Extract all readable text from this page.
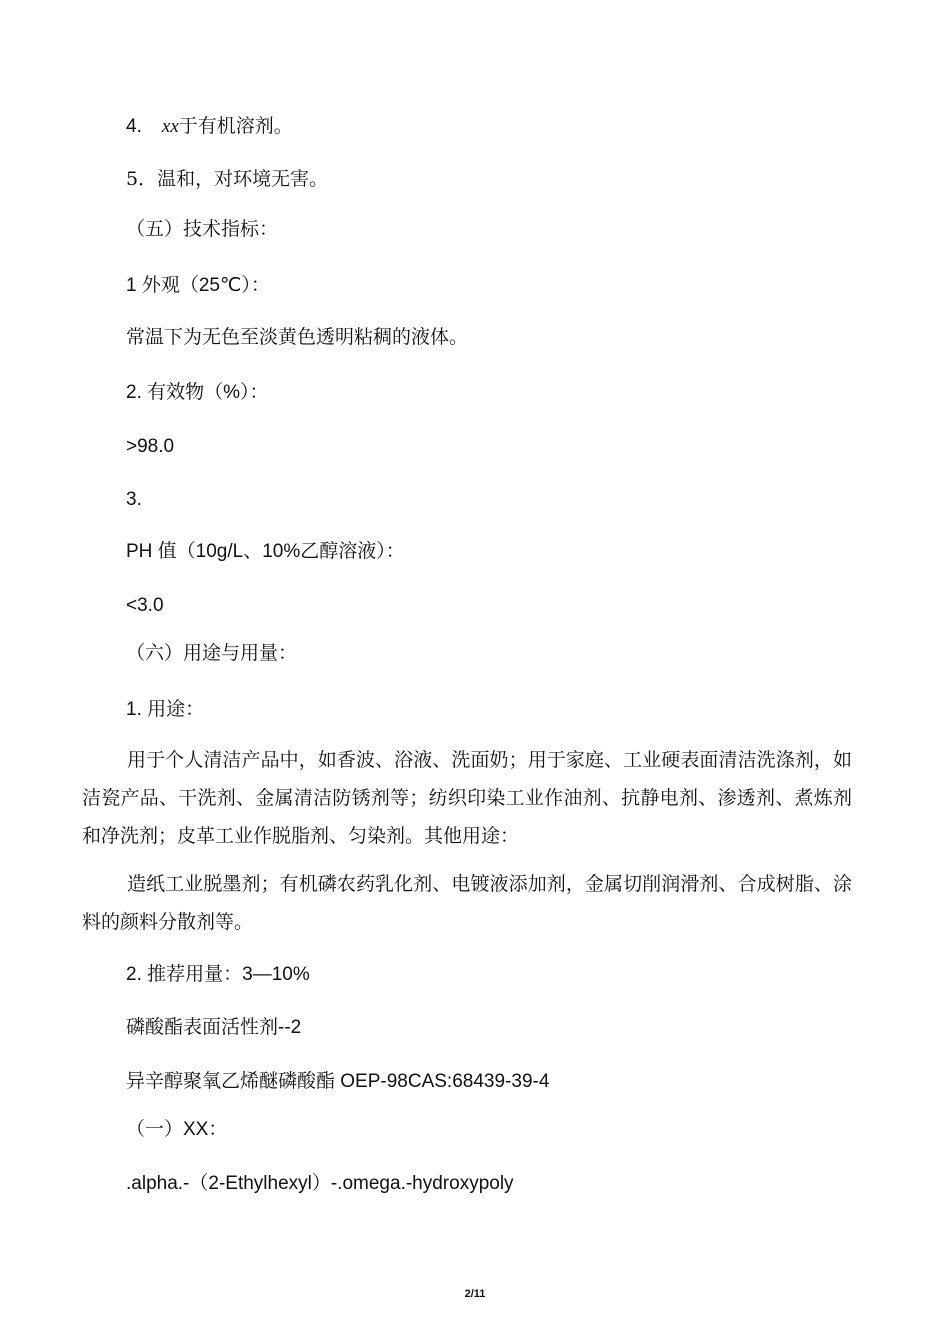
4. xx于有机溶剂。
5．温和，对环境无害。
（五）技术指标：
1 外观（25℃）：
常温下为无色至淡黄色透明粘稠的液体。
2. 有效物（%）：
>98.0
3.
PH 值（10g/L、10%乙醇溶液）：
<3.0
（六）用途与用量：
1. 用途：
用于个人清洁产品中，如香波、浴液、洗面奶；用于家庭、工业硬表面清洁洗涤剂，如洁瓷产品、干洗剂、金属清洁防锈剂等；纺织印染工业作油剂、抗静电剂、渗透剂、煮炼剂和净洗剂；皮革工业作脱脂剂、匀染剂。其他用途：
造纸工业脱墨剂；有机磷农药乳化剂、电镀液添加剂，金属切削润滑剂、合成树脂、涂料的颜料分散剂等。
2. 推荐用量：3—10%
磷酸酯表面活性剂--2
异辛醇聚氧乙烯醚磷酸酯 OEP-98CAS:68439-39-4
（一）XX：
.alpha.-（2-Ethylhexyl）-.omega.-hydroxypoly
2/11
